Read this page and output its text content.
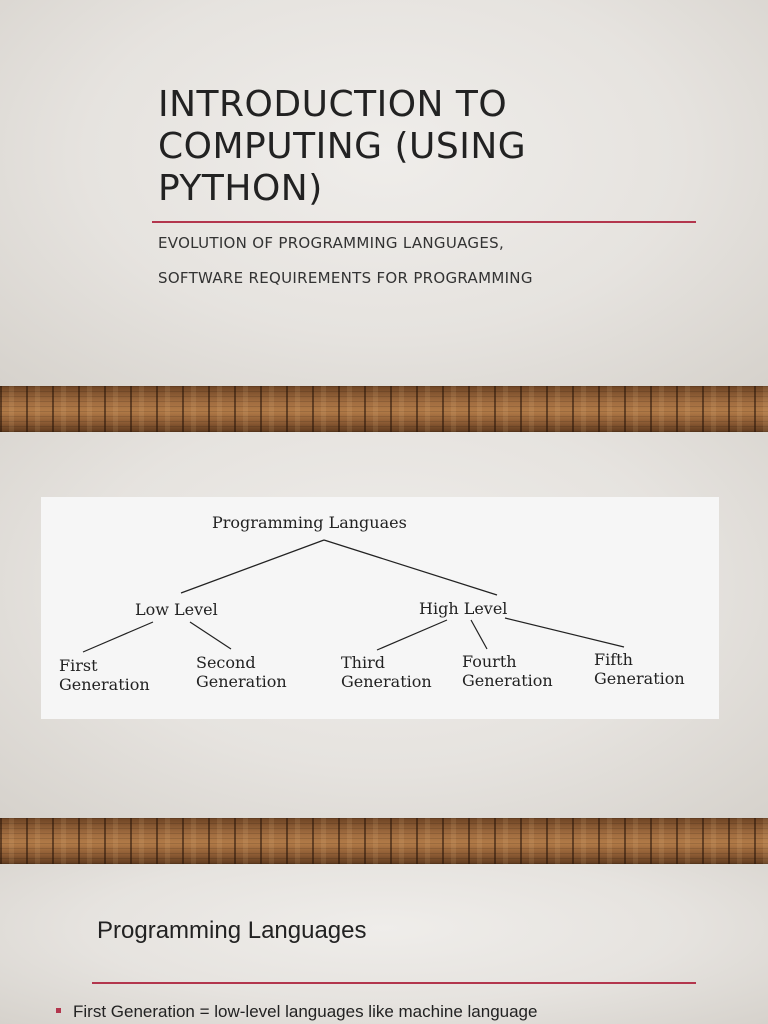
INTRODUCTION TO
COMPUTING (USING
PYTHON)
EVOLUTION OF PROGRAMMING LANGUAGES,
SOFTWARE REQUIREMENTS FOR PROGRAMMING
Programming Languaes
Low Level	High Level
First
Generation
Second
Generation
Third
Generation
Fourth
Generation
Fifth
Generation
Programming Languages
First Generation = low-level languages like machine language
